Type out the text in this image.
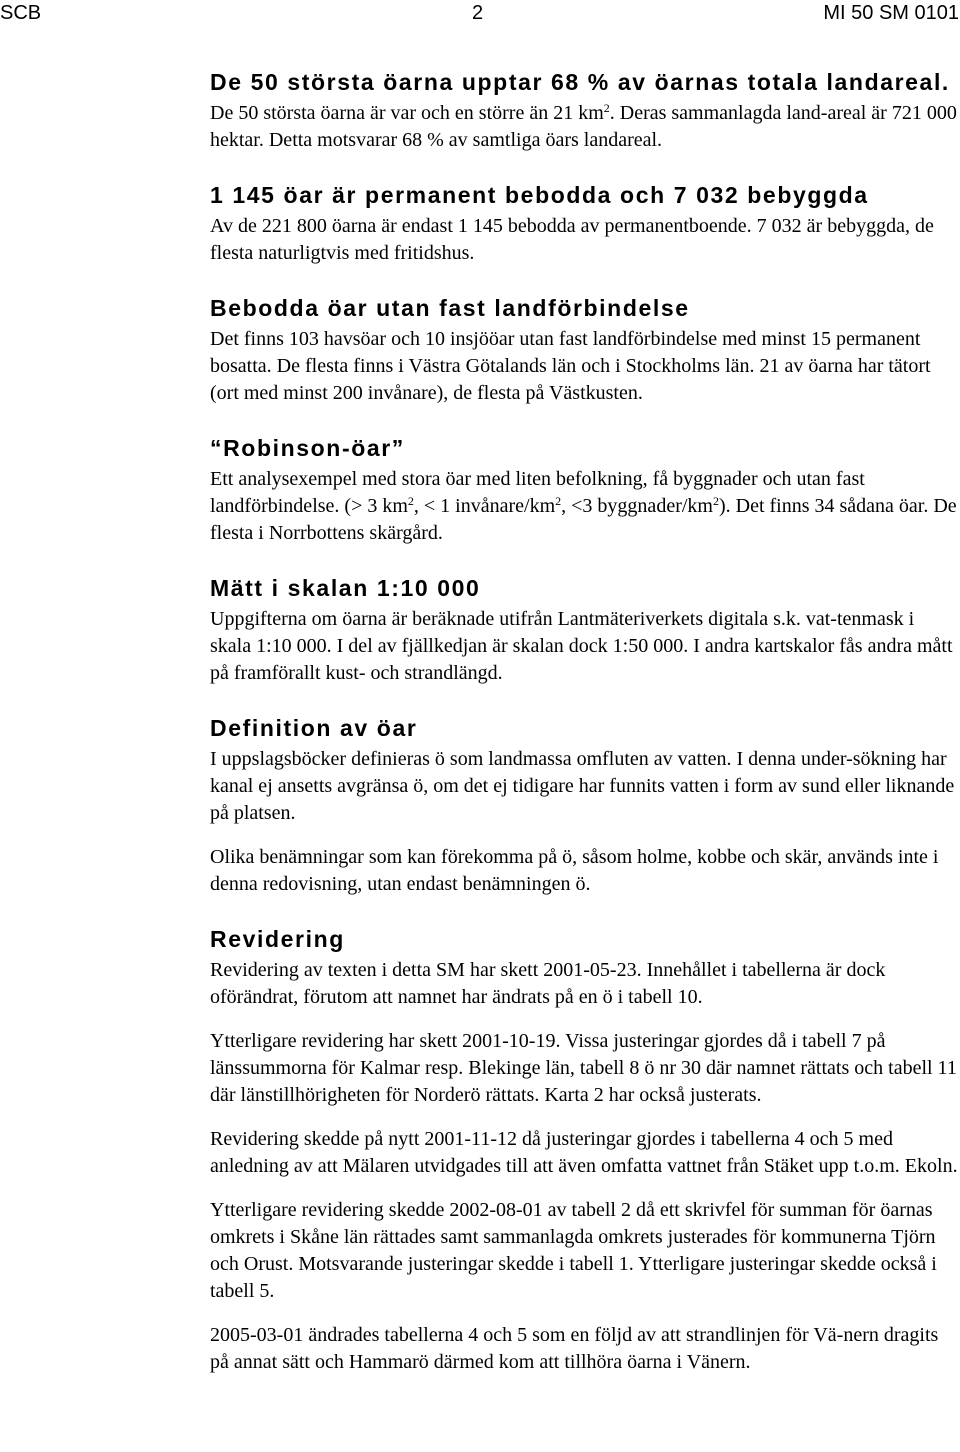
SCB	2	MI 50 SM 0101
De 50 största öarna upptar 68 % av öarnas totala landareal.

De 50 största öarna är var och en större än 21 $km^2$. Deras sammanlagda land-areal är 721 000 hektar. Detta motsvarar 68 % av samtliga öars landareal.

1 145 öar är permanent bebodda och 7 032 bebyggda

Av de 221 800 öarna är endast 1 145 bebodda av permanentboende. 7 032 är bebyggda, de flesta naturligtvis med fritidshus.

Bebodda öar utan fast landförbindelse

Det finns 103 havsöar och 10 insjööar utan fast landförbindelse med minst 15 permanent bosatta. De flesta finns i Västra Götalands län och i Stockholms län. 21 av öarna har tätort (ort med minst 200 invånare), de flesta på Västkusten.

“Robinson-öar”

Ett analysexempel med stora öar med liten befolkning, få byggnader och utan fast landförbindelse. (> 3 $km^2$, < 1 invånare/$km^2$, <3 byggnader/$km^2$). Det finns 34 sådana öar. De flesta i Norrbottens skärgård.

Mätt i skalan 1:10 000

Uppgifterna om öarna är beräknade utifrån Lantmäteriverkets digitala s.k. vat-tenmask i skala 1:10 000. I del av fjällkedjan är skalan dock 1:50 000. I andra kartskalor fås andra mått på framförallt kust- och strandlängd.

Definition av öar

I uppslagsböcker definieras ö som landmassa omfluten av vatten. I denna under-sökning har kanal ej ansetts avgränsa ö, om det ej tidigare har funnits vatten i form av sund eller liknande på platsen.

Olika benämningar som kan förekomma på ö, såsom holme, kobbe och skär, används inte i denna redovisning, utan endast benämningen ö.

Revidering

Revidering av texten i detta SM har skett 2001-05-23. Innehållet i tabellerna är dock oförändrat, förutom att namnet har ändrats på en ö i tabell 10.

Ytterligare revidering har skett 2001-10-19. Vissa justeringar gjordes då i tabell 7 på länssummorna för Kalmar resp. Blekinge län, tabell 8 ö nr 30 där namnet rättats och tabell 11 där länstillhörigheten för Norderö rättats. Karta 2 har också justerats.

Revidering skedde på nytt 2001-11-12 då justeringar gjordes i tabellerna 4 och 5 med anledning av att Mälaren utvidgades till att även omfatta vattnet från Stäket upp t.o.m. Ekoln.

Ytterligare revidering skedde 2002-08-01 av tabell 2 då ett skrivfel för summan för öarnas omkrets i Skåne län rättades samt sammanlagda omkrets justerades för kommunerna Tjörn och Orust. Motsvarande justeringar skedde i tabell 1. Ytterligare justeringar skedde också i tabell 5.

2005-03-01 ändrades tabellerna 4 och 5 som en följd av att strandlinjen för Vä-nern dragits på annat sätt och Hammarö därmed kom att tillhöra öarna i Vänern.
